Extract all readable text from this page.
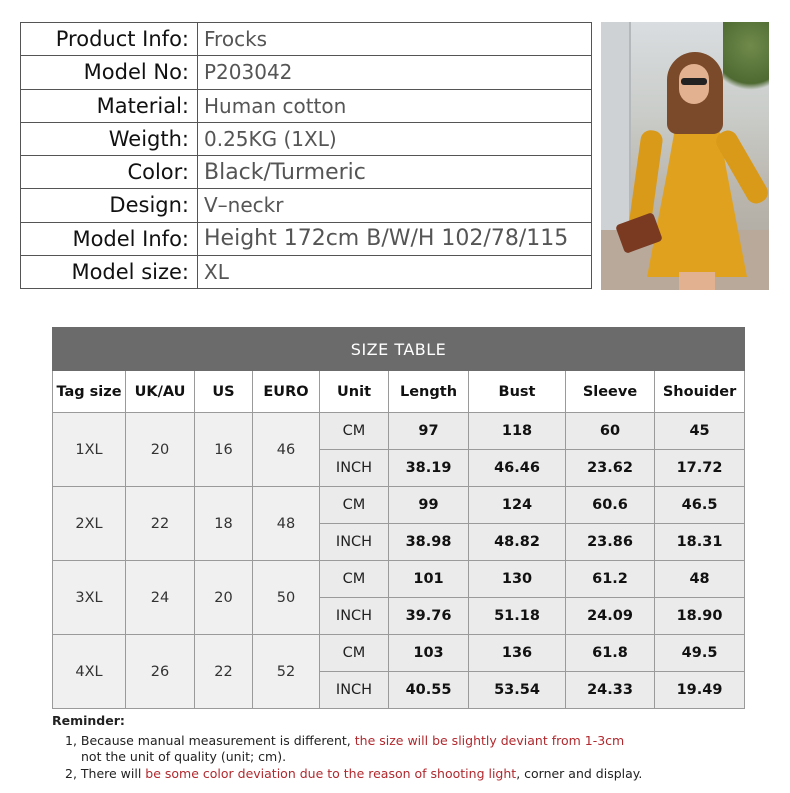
Product Info:	Frocks
Model No:	P203042
Material:	Human cotton
Weigth:	0.25KG (1XL)
Color:	Black/Turmeric
Design:	V–neckr
Model Info:	Height 172cm B/W/H 102/78/115
Model size:	XL
SIZE TABLE								
Tag size	UK/AU	US	EURO	Unit	Length	Bust	Sleeve	Shouider
1XL	20	16	46	CM	97	118	60	45
				INCH	38.19	46.46	23.62	17.72
2XL	22	18	48	CM	99	124	60.6	46.5
				INCH	38.98	48.82	23.86	18.31
3XL	24	20	50	CM	101	130	61.2	48
				INCH	39.76	51.18	24.09	18.90
4XL	26	22	52	CM	103	136	61.8	49.5
				INCH	40.55	53.54	24.33	19.49
Reminder:
1, Because manual measurement is different, the size will be slightly deviant from 1-3cm
not the unit of quality (unit; cm).
2, There will be some color deviation due to the reason of shooting light, corner and display.
